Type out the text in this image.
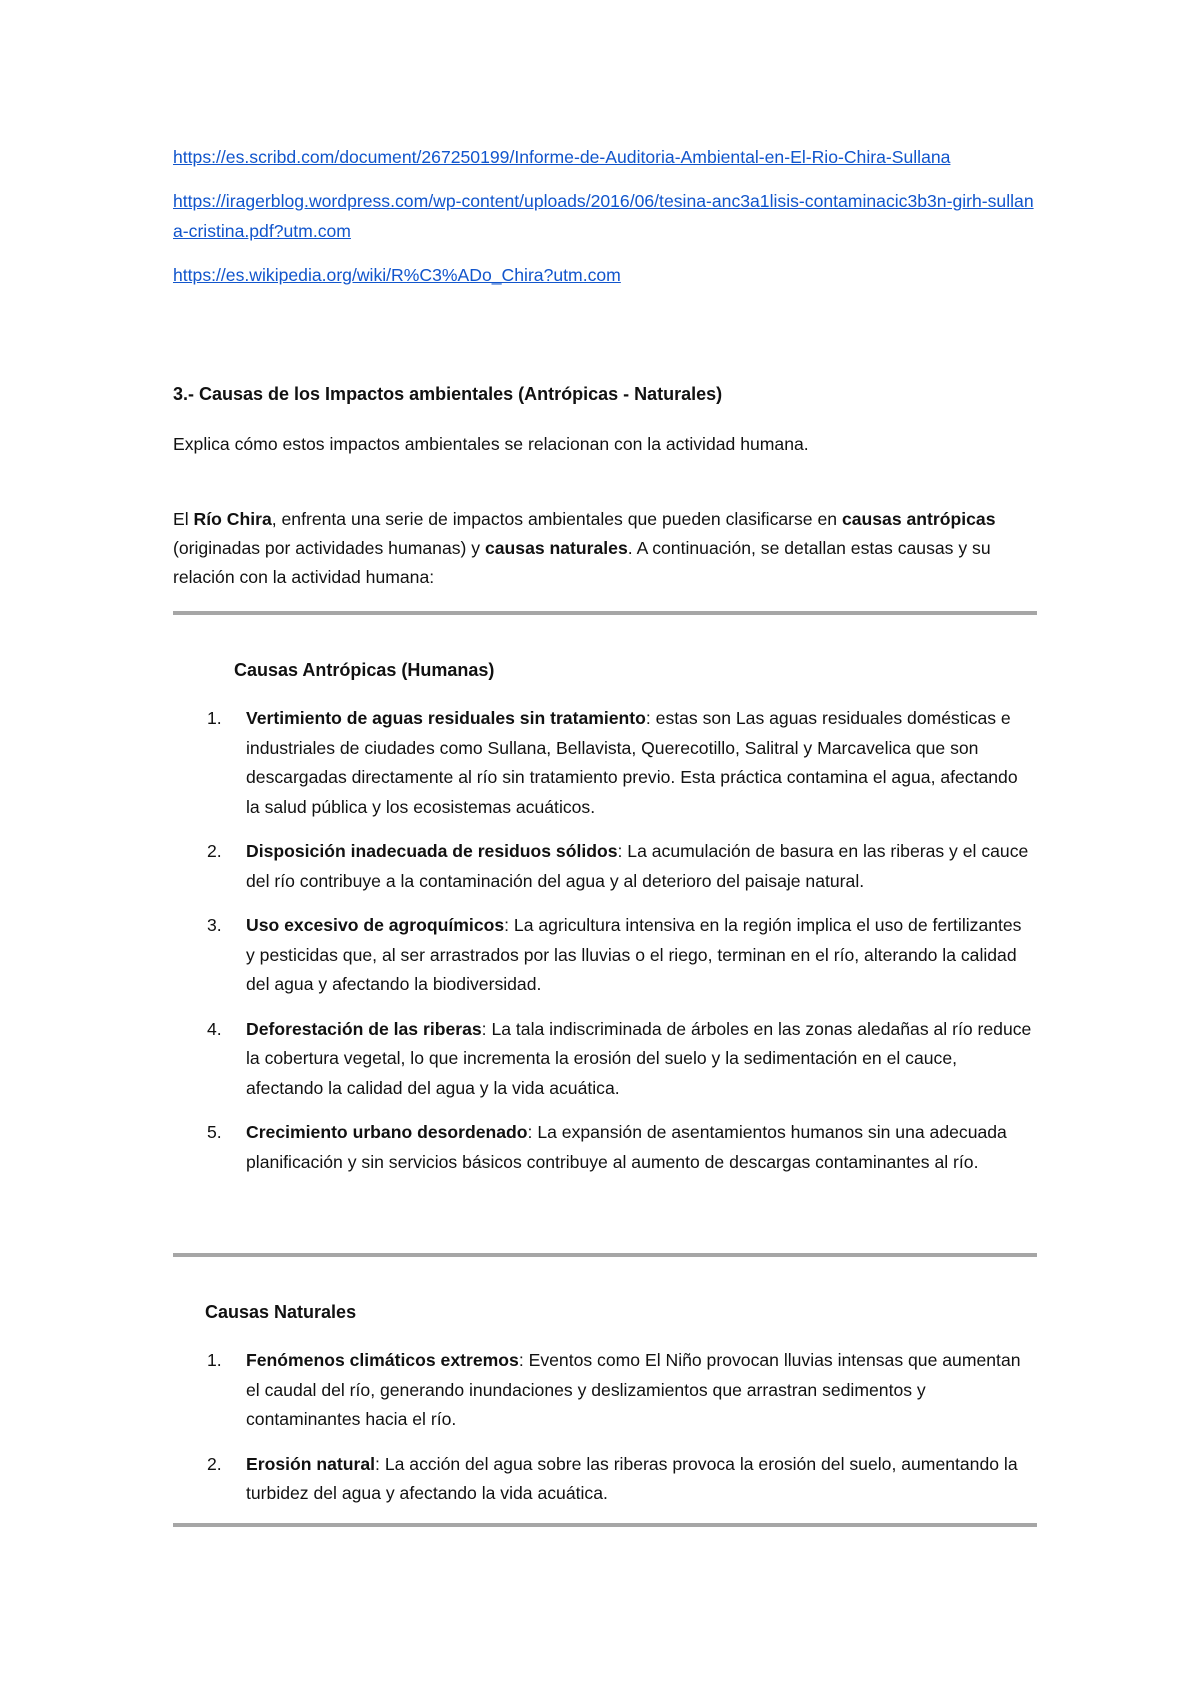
https://es.scribd.com/document/267250199/Informe-de-Auditoria-Ambiental-en-El-Rio-Chira-Sullana
https://iragerblog.wordpress.com/wp-content/uploads/2016/06/tesina-anc3a1lisis-contaminacic3b3n-girh-sullana-cristina.pdf?utm.com
https://es.wikipedia.org/wiki/R%C3%ADo_Chira?utm.com
3.- Causas de los Impactos ambientales (Antrópicas - Naturales)

Explica cómo estos impactos ambientales se relacionan con la actividad humana.

El Río Chira, enfrenta una serie de impactos ambientales que pueden clasificarse en causas antrópicas (originadas por actividades humanas) y causas naturales. A continuación, se detallan estas causas y su relación con la actividad humana:

Causas Antrópicas (Humanas)
1. Vertimiento de aguas residuales sin tratamiento: estas son Las aguas residuales domésticas e industriales de ciudades como Sullana, Bellavista, Querecotillo, Salitral y Marcavelica que son descargadas directamente al río sin tratamiento previo. Esta práctica contamina el agua, afectando la salud pública y los ecosistemas acuáticos.
2. Disposición inadecuada de residuos sólidos: La acumulación de basura en las riberas y el cauce del río contribuye a la contaminación del agua y al deterioro del paisaje natural.
3. Uso excesivo de agroquímicos: La agricultura intensiva en la región implica el uso de fertilizantes y pesticidas que, al ser arrastrados por las lluvias o el riego, terminan en el río, alterando la calidad del agua y afectando la biodiversidad.
4. Deforestación de las riberas: La tala indiscriminada de árboles en las zonas aledañas al río reduce la cobertura vegetal, lo que incrementa la erosión del suelo y la sedimentación en el cauce, afectando la calidad del agua y la vida acuática.
5. Crecimiento urbano desordenado: La expansión de asentamientos humanos sin una adecuada planificación y sin servicios básicos contribuye al aumento de descargas contaminantes al río.
Causas Naturales
1. Fenómenos climáticos extremos: Eventos como El Niño provocan lluvias intensas que aumentan el caudal del río, generando inundaciones y deslizamientos que arrastran sedimentos y contaminantes hacia el río.
2. Erosión natural: La acción del agua sobre las riberas provoca la erosión del suelo, aumentando la turbidez del agua y afectando la vida acuática.
